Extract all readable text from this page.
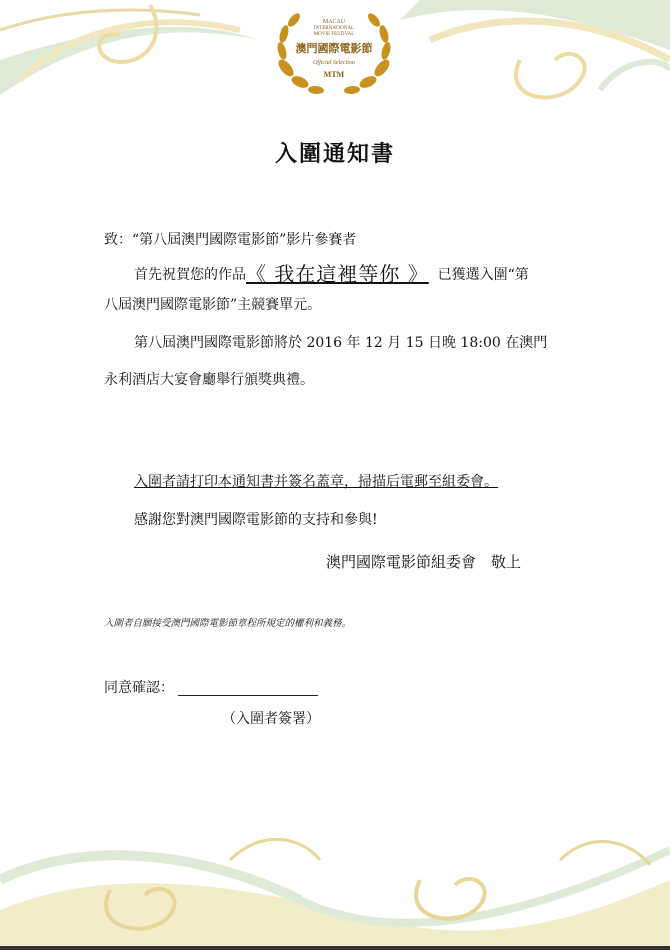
MACAU
INTERNATIONAL
MOVIE FESTIVAL
澳門國際電影節
Official Selection
MTM
入圍通知書
致：“第八屆澳門國際電影節”影片參賽者
首先祝賀您的作品《 我在這裡等你 》 已獲選入圍“第
八屆澳門國際電影節”主競賽單元。
第八屆澳門國際電影節將於 2016 年 12 月 15 日晚 18:00 在澳門
永利酒店大宴會廳舉行頒獎典禮。
入圍者請打印本通知書并簽名蓋章，掃描后電郵至組委會。
感謝您對澳門國際電影節的支持和參與!
澳門國際電影節組委會　敬上
入圍者自願接受澳門國際電影節章程所規定的權利和義務。
同意確認：
（入圍者簽署）
